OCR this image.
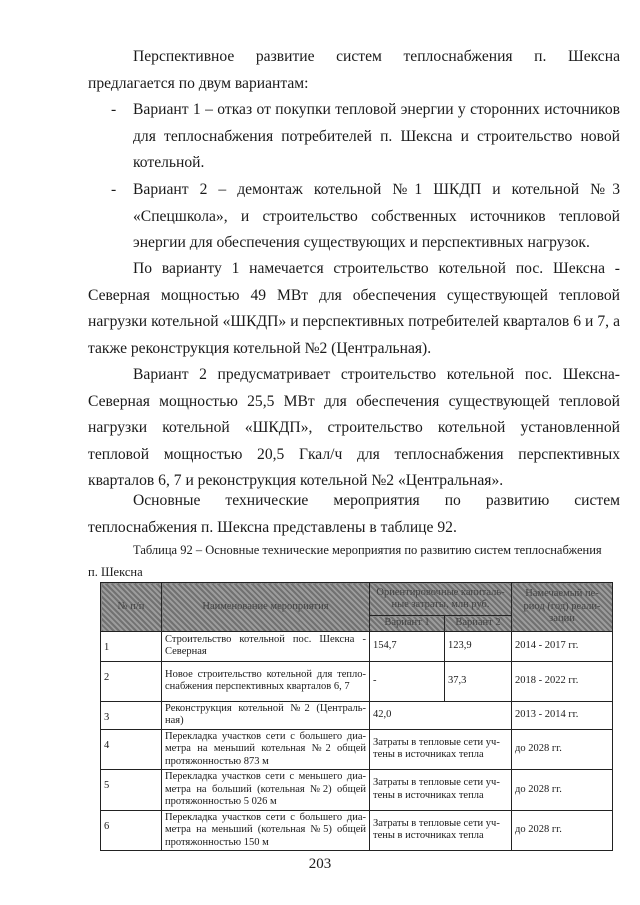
Перспективное развитие систем теплоснабжения п. Шексна предлагается по двум вариантам:

- Вариант 1 – отказ от покупки тепловой энергии у сторонних источников для теплоснабжения потребителей п. Шексна и строительство новой котельной.
- Вариант 2 – демонтаж котельной №1 ШКДП и котельной №3 «Спецшкола», и строительство собственных источников тепловой энергии для обеспечения существующих и перспективных нагрузок.

По варианту 1 намечается строительство котельной пос. Шексна - Северная мощностью 49 МВт для обеспечения существующей тепловой нагрузки котельной «ШКДП» и перспективных потребителей кварталов 6 и 7, а также реконструкция котельной №2 (Центральная).

Вариант 2 предусматривает строительство котельной пос. Шексна-Северная мощностью 25,5 МВт для обеспечения существующей тепловой нагрузки котельной «ШКДП», строительство котельной установленной тепловой мощностью 20,5 Гкал/ч для теплоснабжения перспективных кварталов 6, 7 и реконструкция котельной №2 «Центральная».

Основные технические мероприятия по развитию систем теплоснабжения п. Шексна представлены в таблице 92.

Таблица 92 – Основные технические мероприятия по развитию систем теплоснабжения
п. Шексна
№ п/п	Наименование мероприятия	Ориентировочные капиталь-ные затраты, млн руб.		Намечаемый пе-риод (год) реали-зации
		Вариант 1	Вариант 2	
1	Строительство котельной пос. Шексна - Северная	154,7	123,9	2014 - 2017 гг.
2	Новое строительство котельной для тепло-снабжения перспективных кварталов 6, 7	-	37,3	2018 - 2022 гг.
3	Реконструкция котельной №2 (Централь-ная)	42,0		2013 - 2014 гг.
4	Перекладка участков сети с большего диа-метра на меньший котельная №2 общей протяжонностью 873 м	Затраты в тепловые сети уч-тены в источниках тепла		до 2028 гг.
5	Перекладка участков сети с меньшего диа-метра на больший (котельная №2) общей протяжонностью 5 026 м	Затраты в тепловые сети уч-тены в источниках тепла		до 2028 гг.
6	Перекладка участков сети с большего диа-метра на меньший (котельная №5) общей протяжонностью 150 м	Затраты в тепловые сети уч-тены в источниках тепла		до 2028 гг.
203
